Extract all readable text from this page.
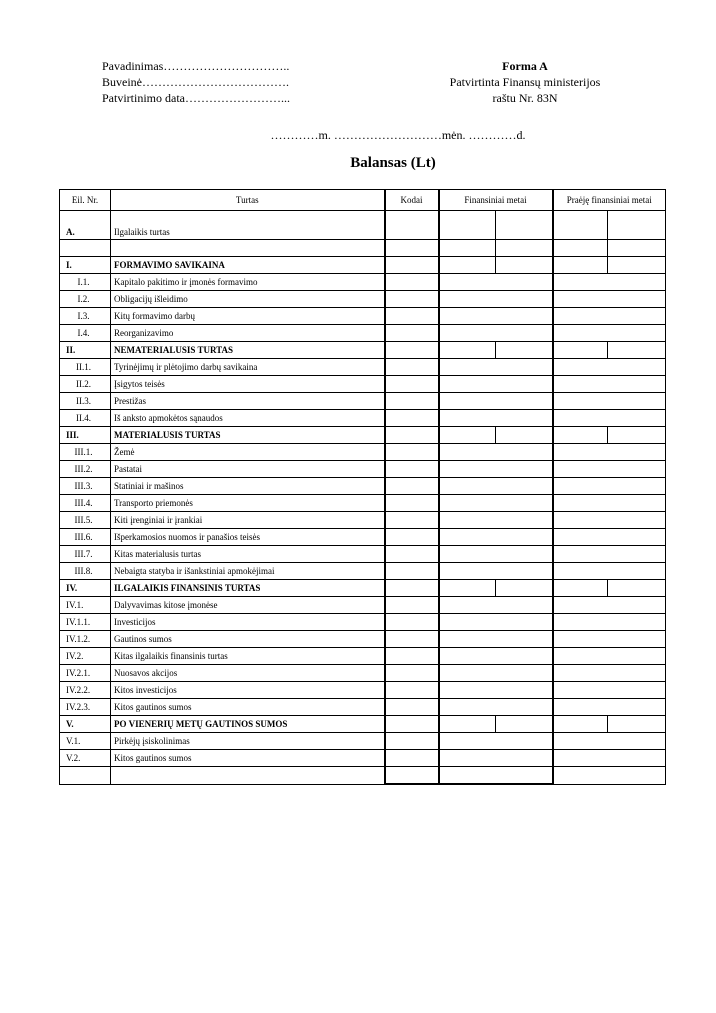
Pavadinimas…………………………..
Buveinė……………………………….
Patvirtinimo data……………………...
Forma A
Patvirtinta Finansų ministerijos
raštu Nr. 83N
…………m. ………………………mėn. …………d.
Balansas (Lt)
Eil. Nr.	Turtas	Kodai	Finansiniai metai		Praėję finansiniai metai	
A.	Ilgalaikis turtas					

I.	FORMAVIMO SAVIKAINA					
I.1.	Kapitalo pakitimo ir įmonės formavimo					
I.2.	Obligacijų išleidimo					
I.3.	Kitų formavimo darbų					
I.4.	Reorganizavimo					
II.	NEMATERIALUSIS TURTAS					
II.1.	Tyrinėjimų ir plėtojimo darbų savikaina					
II.2.	Įsigytos teisės					
II.3.	Prestižas					
II.4.	Iš anksto apmokėtos sąnaudos					
III.	MATERIALUSIS TURTAS					
III.1.	Žemė					
III.2.	Pastatai					
III.3.	Statiniai ir mašinos					
III.4.	Transporto priemonės					
III.5.	Kiti įrenginiai ir įrankiai					
III.6.	Išperkamosios nuomos ir panašios teisės					
III.7.	Kitas materialusis turtas					
III.8.	Nebaigta statyba ir išankstiniai apmokėjimai					
IV.	ILGALAIKIS FINANSINIS TURTAS					
IV.1.	Dalyvavimas kitose įmonėse					
IV.1.1.	Investicijos					
IV.1.2.	Gautinos sumos					
IV.2.	Kitas ilgalaikis finansinis turtas					
IV.2.1.	Nuosavos akcijos					
IV.2.2.	Kitos investicijos					
IV.2.3.	Kitos gautinos sumos					
V.	PO VIENERIŲ METŲ GAUTINOS SUMOS					
V.1.	Pirkėjų įsiskolinimas					
V.2.	Kitos gautinos sumos					
